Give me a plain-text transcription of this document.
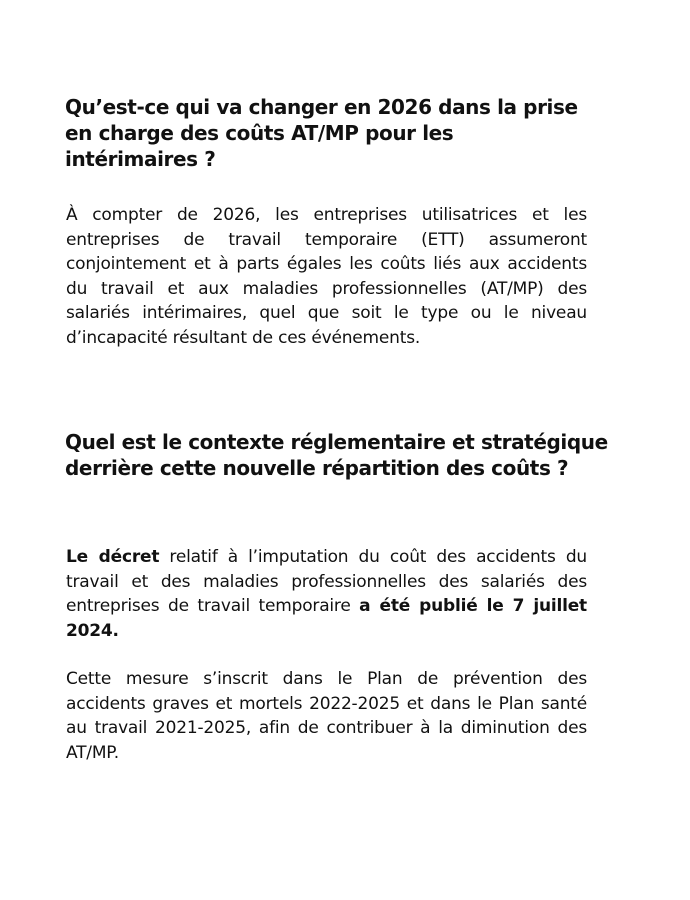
Qu’est-ce qui va changer en 2026 dans la prise en charge des coûts AT/MP pour les intérimaires ?

À compter de 2026, les entreprises utilisatrices et les entreprises de travail temporaire (ETT) assumeront conjointement et à parts égales les coûts liés aux accidents du travail et aux maladies professionnelles (AT/MP) des salariés intérimaires, quel que soit le type ou le niveau d’incapacité résultant de ces événements.

Quel est le contexte réglementaire et stratégique derrière cette nouvelle répartition des coûts ?

Le décret relatif à l’imputation du coût des accidents du travail et des maladies professionnelles des salariés des entreprises de travail temporaire a été publié le 7 juillet 2024.

Cette mesure s’inscrit dans le Plan de prévention des accidents graves et mortels 2022-2025 et dans le Plan santé au travail 2021-2025, afin de contribuer à la diminution des AT/MP.
